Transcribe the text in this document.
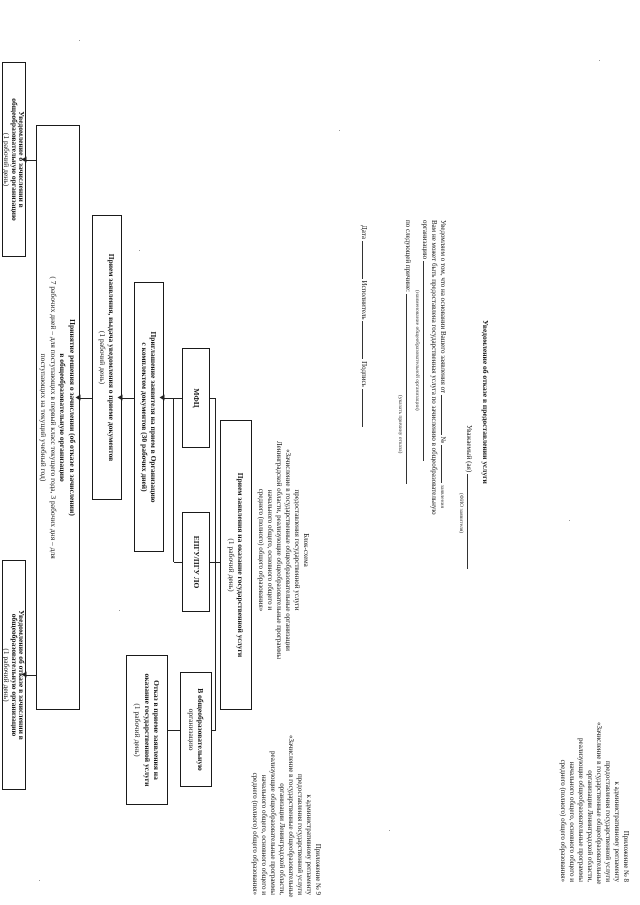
Приложение № 8
к административному регламенту
предоставления государственной услуги
«Зачисление в государственные общеобразовательные
организации Ленинградской области,
реализующие общеобразовательные программы
начального общего, основного общего и
среднего (полного) общего образования»
Уведомление об отказе в предоставлении услуги
Уважаемый (ая)
(ФИО заявителя)
Уведомляем о том, что на основании Вашего заявления от  №  заявления
Вам не может быть предоставлена государственная услуга по зачислению в общеобразовательную
организацию
(наименование общеобразовательной организации)
по следующей причине:
(указать причину отказа)
Дата  Исполнитель  Подпись
Приложение № 9
к административному регламенту
предоставления государственной услуги
«Зачисление в государственные общеобразовательные
организации Ленинградской области,
реализующие общеобразовательные программы
начального общего, основного общего и
среднего (полного) общего образования»
Блок-схема
предоставления государственной услуги
«Зачисление в государственные общеобразовательные организации
Ленинградской области, реализующие общеобразовательные программы
начального общего, основного общего и
среднего (полного) общего образования»
Прием заявления на оказание государственной услуги
(1 рабочий день)
МФЦ
ЕПГУ/ПГУ ЛО
В общеобразовательную
организацию
Приглашение заявителя на прием в Организацию
с комплектом документов (30 рабочих дней)
Отказ в приеме заявления на
оказание государственной услуги
(1 рабочий день)
Прием заявления, выдача уведомления о приеме документов
(1 рабочий день)
Принятие решения о зачислении (об отказе в зачислении)
в общеобразовательную организацию
( 7 рабочих дней – для поступающих в первый класс текущего года, 3 рабочих дня – для
поступающих на текущий учебный год)
Уведомление о зачислении в
общеобразовательную организацию
(1 рабочий день)
Уведомление об отказе в зачислении в
общеобразовательную организацию
(1 рабочий день)
